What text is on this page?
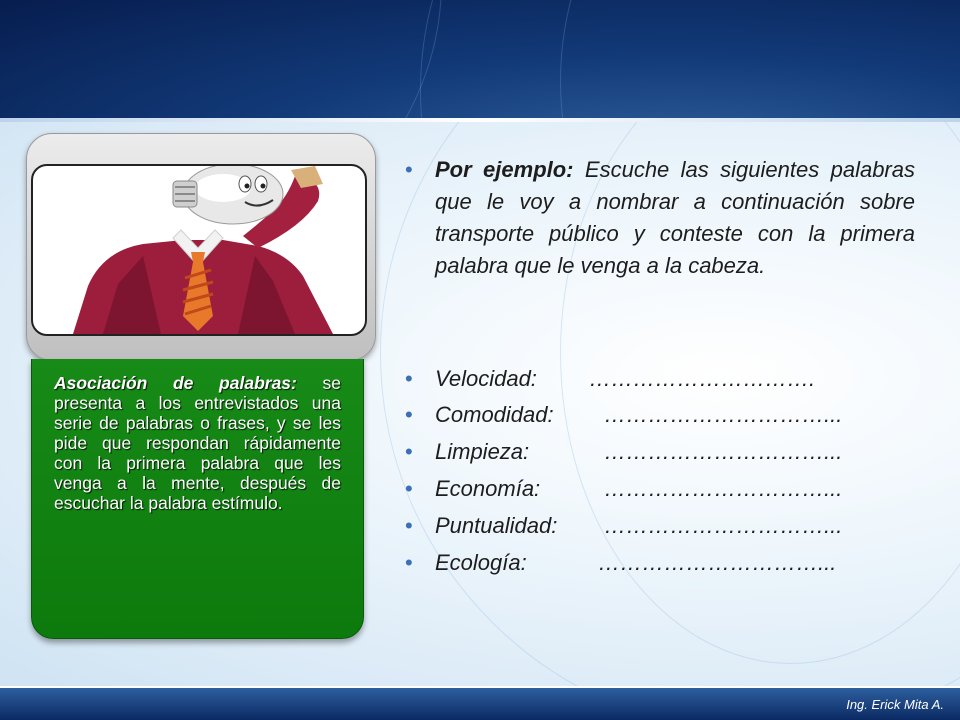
Asociación de palabras: se presenta a los entrevistados una serie de palabras o frases, y se les pide que respondan rápidamente con la primera palabra que les venga a la mente, después de escuchar la palabra estímulo.
• Por ejemplo: Escuche las siguientes palabras que le voy a nombrar a continuación sobre transporte público y conteste con la primera palabra que le venga a la cabeza.
• Velocidad: ………………………….
• Comodidad: …………………………...
• Limpieza:	…………………………...
• Economía:	…………………………...
• Puntualidad: …………………………...
• Ecología:	…………………………...
Ing. Erick Mita A.
